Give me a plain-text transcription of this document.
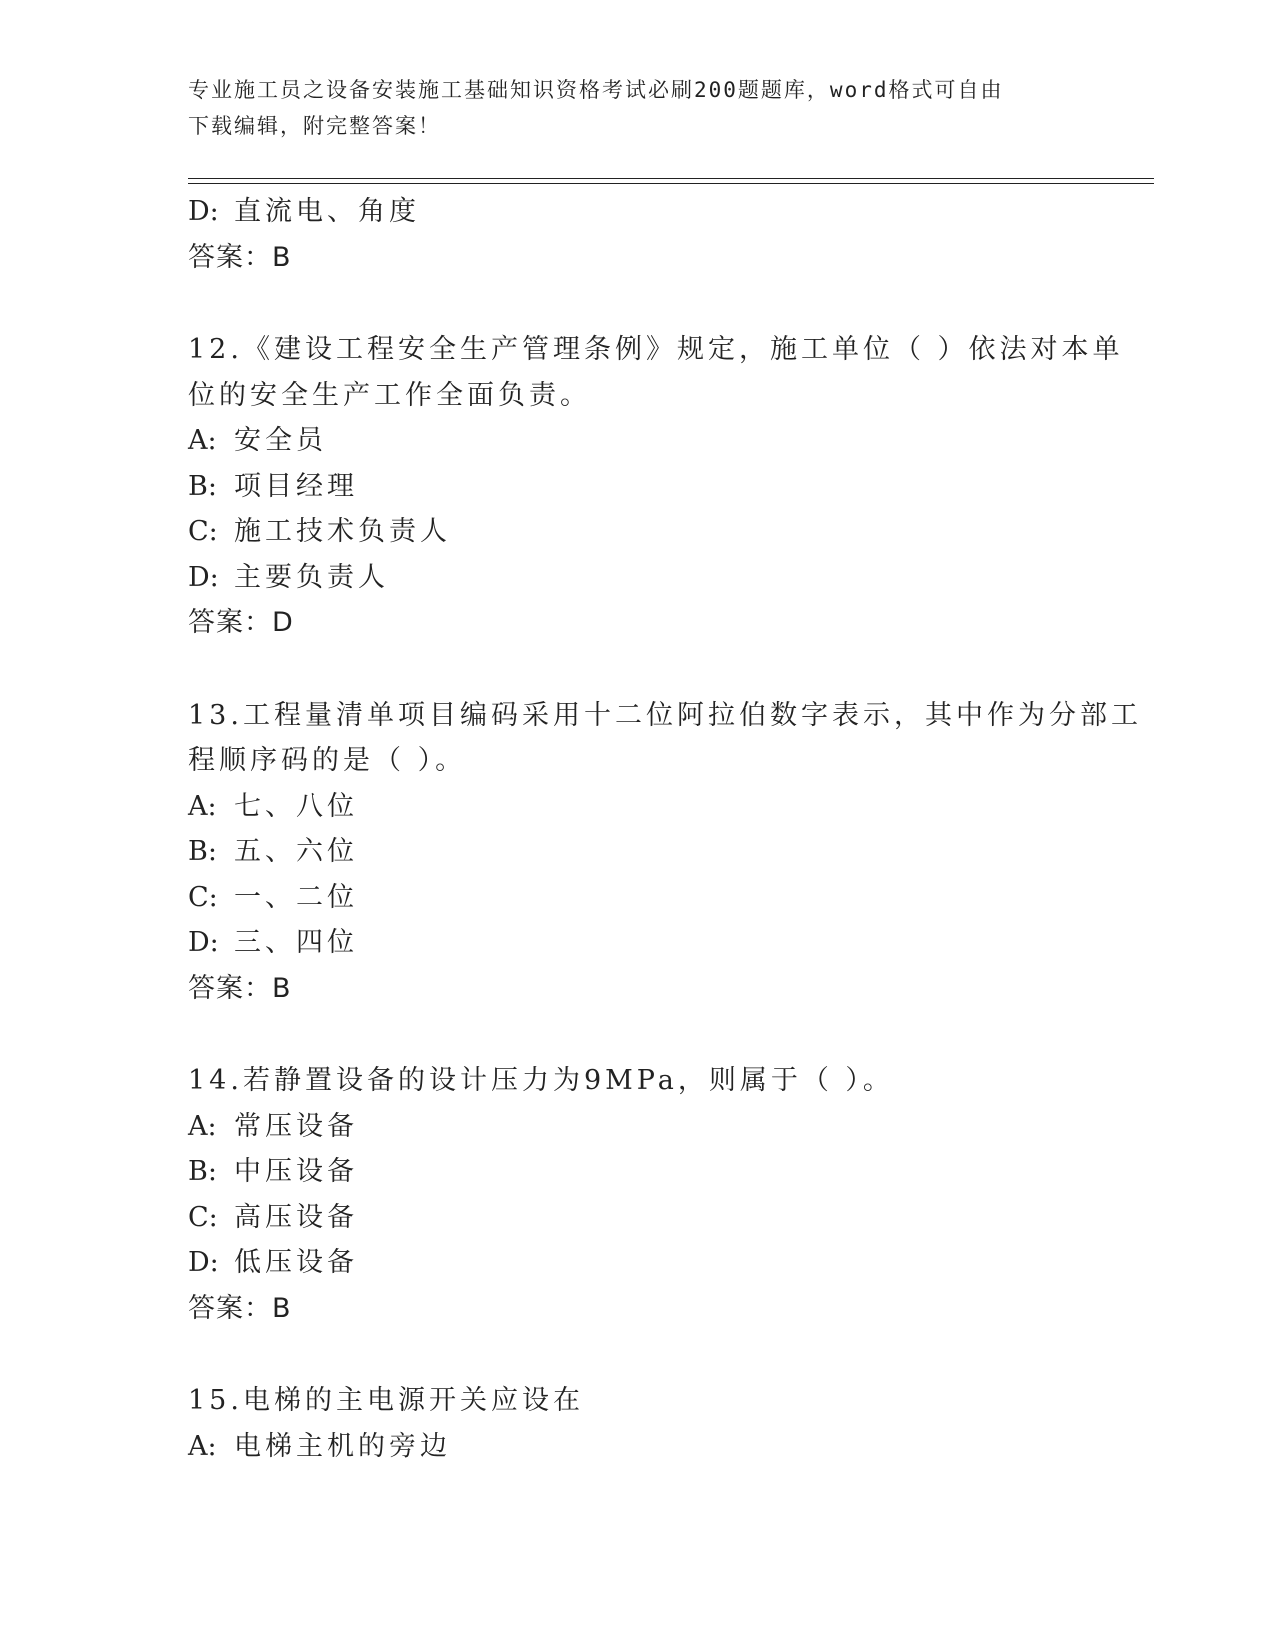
专业施工员之设备安装施工基础知识资格考试必刷200题题库，word格式可自由
下载编辑，附完整答案！
D: 直流电、角度
答案：B
12.《建设工程安全生产管理条例》规定，施工单位（ ）依法对本单
位的安全生产工作全面负责。
A: 安全员
B: 项目经理
C: 施工技术负责人
D: 主要负责人
答案：D
13.工程量清单项目编码采用十二位阿拉伯数字表示，其中作为分部工
程顺序码的是（ ）。
A: 七、八位
B: 五、六位
C: 一、二位
D: 三、四位
答案：B
14.若静置设备的设计压力为9MPa，则属于（ ）。
A: 常压设备
B: 中压设备
C: 高压设备
D: 低压设备
答案：B
15.电梯的主电源开关应设在
A: 电梯主机的旁边
